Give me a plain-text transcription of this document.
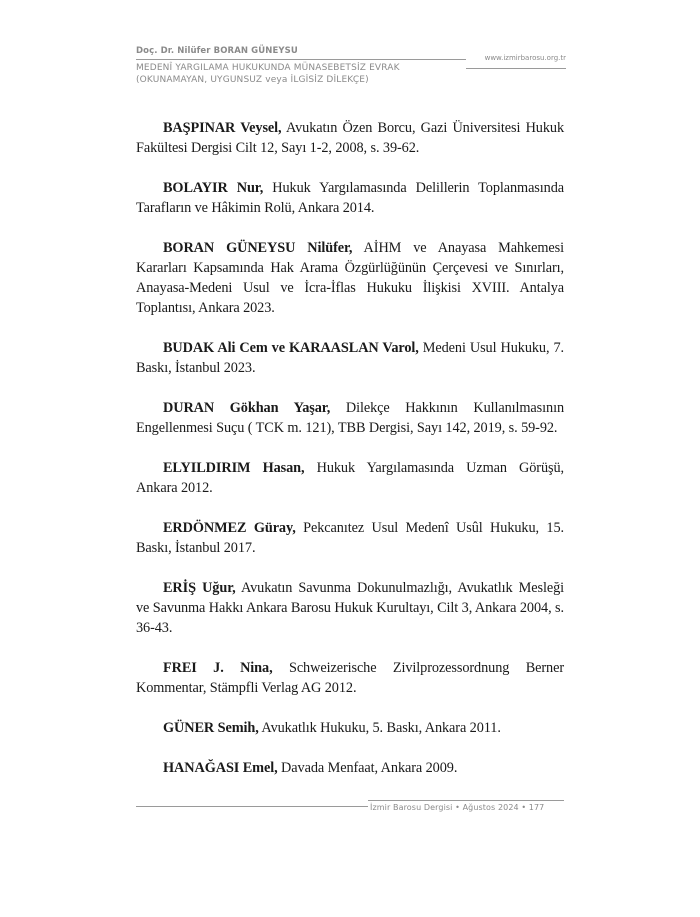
Doç. Dr. Nilüfer BORAN GÜNEYSU
www.izmirbarosu.org.tr
MEDENÎ YARGILAMA HUKUKUNDA MÜNASEBETSİZ EVRAK
(OKUNAMAYAN, UYGUNSUZ veya İLGİSİZ DİLEKÇE)

BAŞPINAR Veysel, Avukatın Özen Borcu, Gazi Üniversitesi Hukuk Fakültesi Dergisi Cilt 12, Sayı 1-2, 2008, s. 39-62.

BOLAYIR Nur, Hukuk Yargılamasında Delillerin Toplanmasında Tarafların ve Hâkimin Rolü, Ankara 2014.

BORAN GÜNEYSU Nilüfer, AİHM ve Anayasa Mahkemesi Kararları Kapsamında Hak Arama Özgürlüğünün Çerçevesi ve Sınırları, Anayasa-Medeni Usul ve İcra-İflas Hukuku İlişkisi XVIII. Antalya Toplantısı, Ankara 2023.

BUDAK Ali Cem ve KARAASLAN Varol, Medeni Usul Hukuku, 7. Baskı, İstanbul 2023.

DURAN Gökhan Yaşar, Dilekçe Hakkının Kullanılmasının Engellenmesi Suçu ( TCK m. 121), TBB Dergisi, Sayı 142, 2019, s. 59-92.

ELYILDIRIM Hasan, Hukuk Yargılamasında Uzman Görüşü, Ankara 2012.

ERDÖNMEZ Güray, Pekcanıtez Usul Medenî Usûl Hukuku, 15. Baskı, İstanbul 2017.

ERİŞ Uğur, Avukatın Savunma Dokunulmazlığı, Avukatlık Mesleği ve Savunma Hakkı Ankara Barosu Hukuk Kurultayı, Cilt 3, Ankara 2004, s. 36-43.

FREI J. Nina, Schweizerische Zivilprozessordnung Berner Kommentar, Stämpfli Verlag AG 2012.

GÜNER Semih, Avukatlık Hukuku, 5. Baskı, Ankara 2011.

HANAĞASI Emel, Davada Menfaat, Ankara 2009.

İzmir Barosu Dergisi • Ağustos 2024 • 177
